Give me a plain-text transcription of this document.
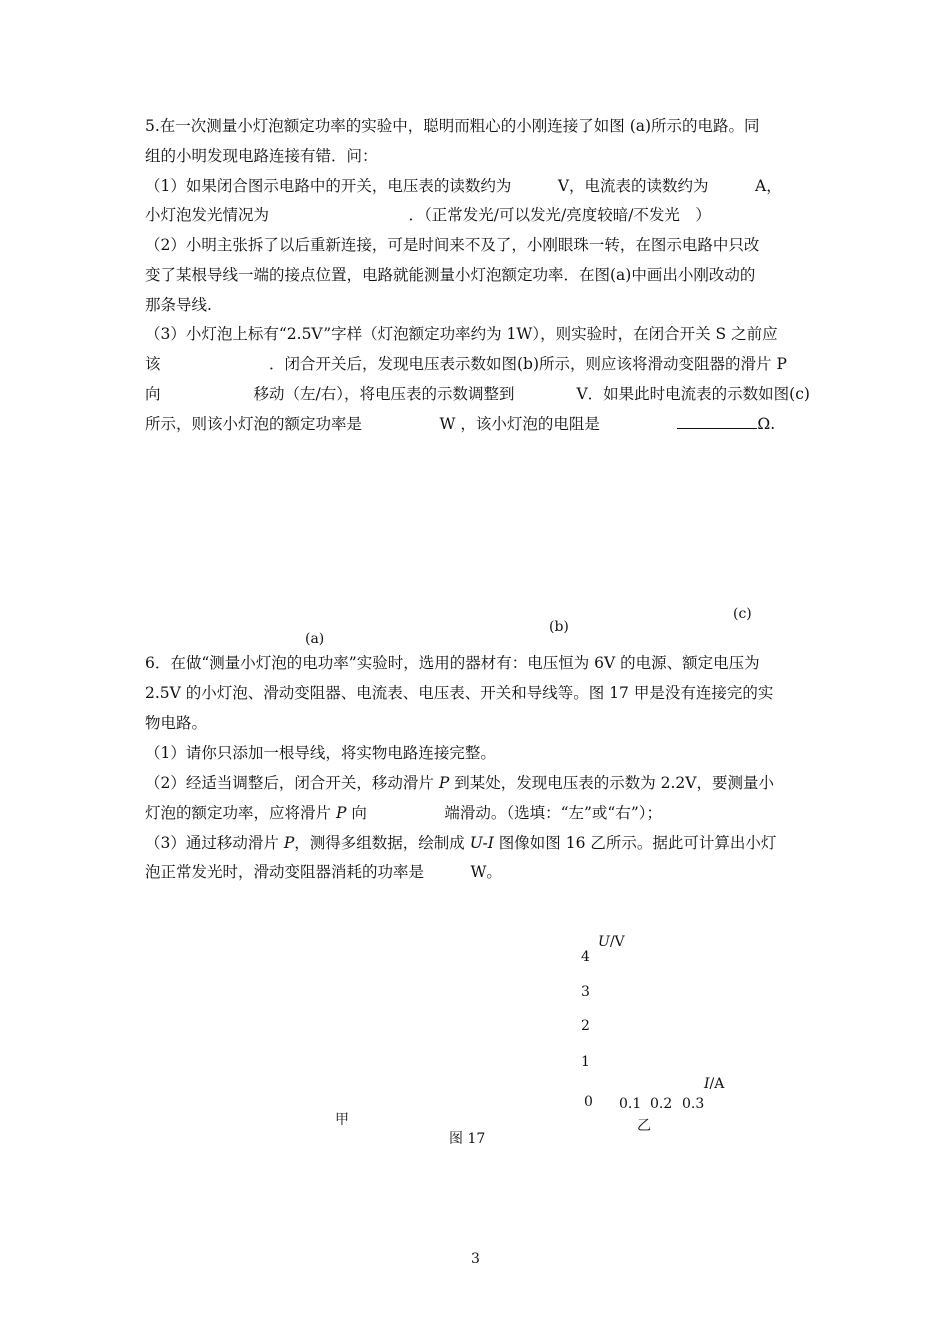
5.在一次测量小灯泡额定功率的实验中，聪明而粗心的小刚连接了如图 (a)所示的电路。同
组的小明发现电路连接有错．问：
（1）如果闭合图示电路中的开关，电压表的读数约为　　　V，电流表的读数约为　　　A，
小灯泡发光情况为　　　　　　　　　．（正常发光/可以发光/亮度较暗/不发光　）
（2）小明主张拆了以后重新连接，可是时间来不及了，小刚眼珠一转，在图示电路中只改
变了某根导线一端的接点位置，电路就能测量小灯泡额定功率．在图(a)中画出小刚改动的
那条导线.
（3）小灯泡上标有“2.5V”字样（灯泡额定功率约为 1W），则实验时，在闭合开关 S 之前应
该　　　　　　　．闭合开关后，发现电压表示数如图(b)所示，则应该将滑动变阻器的滑片 P
向　　　　　　移动（左/右），将电压表的示数调整到　　　　V．如果此时电流表的示数如图(c)
所示，则该小灯泡的额定功率是　　　　　W ，该小灯泡的电阻是　　　　　	Ω.
(c)
(b)
(a)
6．在做“测量小灯泡的电功率”实验时，选用的器材有：电压恒为 6V 的电源、额定电压为
2.5V 的小灯泡、滑动变阻器、电流表、电压表、开关和导线等。图 17 甲是没有连接完的实
物电路。
（1）请你只添加一根导线，将实物电路连接完整。
（2）经适当调整后，闭合开关，移动滑片 P 到某处，发现电压表的示数为 2.2V，要测量小
灯泡的额定功率，应将滑片 P 向　　　　　端滑动。（选填：“左”或“右”）；
（3）通过移动滑片 P，测得多组数据，绘制成 U-I 图像如图 16 乙所示。据此可计算出小灯
泡正常发光时，滑动变阻器消耗的功率是　　　W。
U/V
4
3
2
1
I/A
0 0.1 0.2 0.3
甲	乙
图 17
3
